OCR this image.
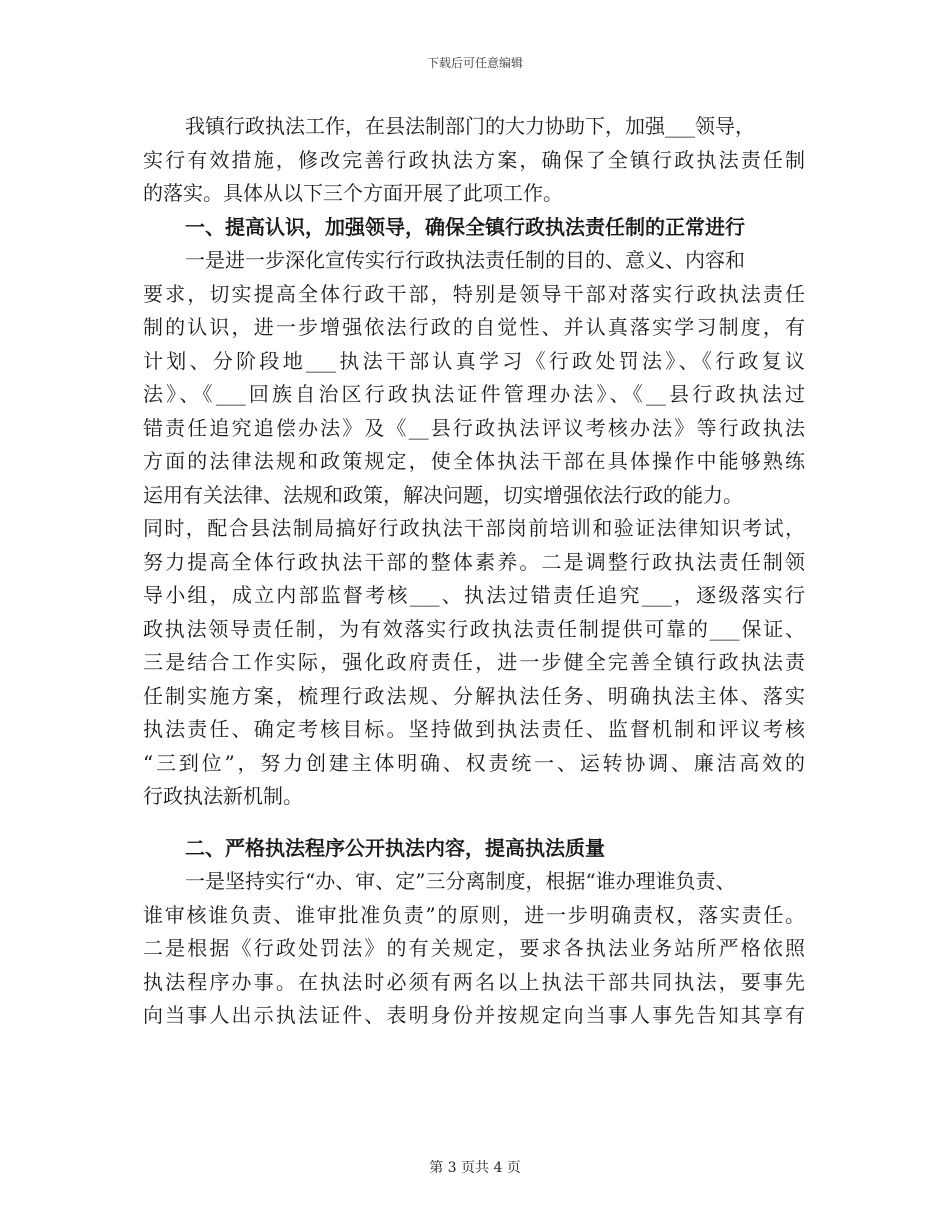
下载后可任意编辑
我镇行政执法工作，在县法制部门的大力协助下，加强___领导，
实行有效措施，修改完善行政执法方案，确保了全镇行政执法责任制
的落实。具体从以下三个方面开展了此项工作。
一、提高认识，加强领导，确保全镇行政执法责任制的正常进行
一是进一步深化宣传实行行政执法责任制的目的、意义、内容和
要求，切实提高全体行政干部，特别是领导干部对落实行政执法责任
制的认识，进一步增强依法行政的自觉性、并认真落实学习制度，有
计划、分阶段地___执法干部认真学习《行政处罚法》、《行政复议
法》、《___回族自治区行政执法证件管理办法》、《__县行政执法过
错责任追究追偿办法》及《__县行政执法评议考核办法》等行政执法
方面的法律法规和政策规定，使全体执法干部在具体操作中能够熟练
运用有关法律、法规和政策，解决问题，切实增强依法行政的能力。
同时，配合县法制局搞好行政执法干部岗前培训和验证法律知识考试，
努力提高全体行政执法干部的整体素养。二是调整行政执法责任制领
导小组，成立内部监督考核___、执法过错责任追究___，逐级落实行
政执法领导责任制，为有效落实行政执法责任制提供可靠的___保证、
三是结合工作实际，强化政府责任，进一步健全完善全镇行政执法责
任制实施方案，梳理行政法规、分解执法任务、明确执法主体、落实
执法责任、确定考核目标。坚持做到执法责任、监督机制和评议考核
“三到位”，努力创建主体明确、权责统一、运转协调、廉洁高效的
行政执法新机制。
二、严格执法程序公开执法内容，提高执法质量
一是坚持实行“办、审、定”三分离制度，根据“谁办理谁负责、
谁审核谁负责、谁审批准负责”的原则，进一步明确责权，落实责任。
二是根据《行政处罚法》的有关规定，要求各执法业务站所严格依照
执法程序办事。在执法时必须有两名以上执法干部共同执法，要事先
向当事人出示执法证件、表明身份并按规定向当事人事先告知其享有
第 3 页共 4 页
